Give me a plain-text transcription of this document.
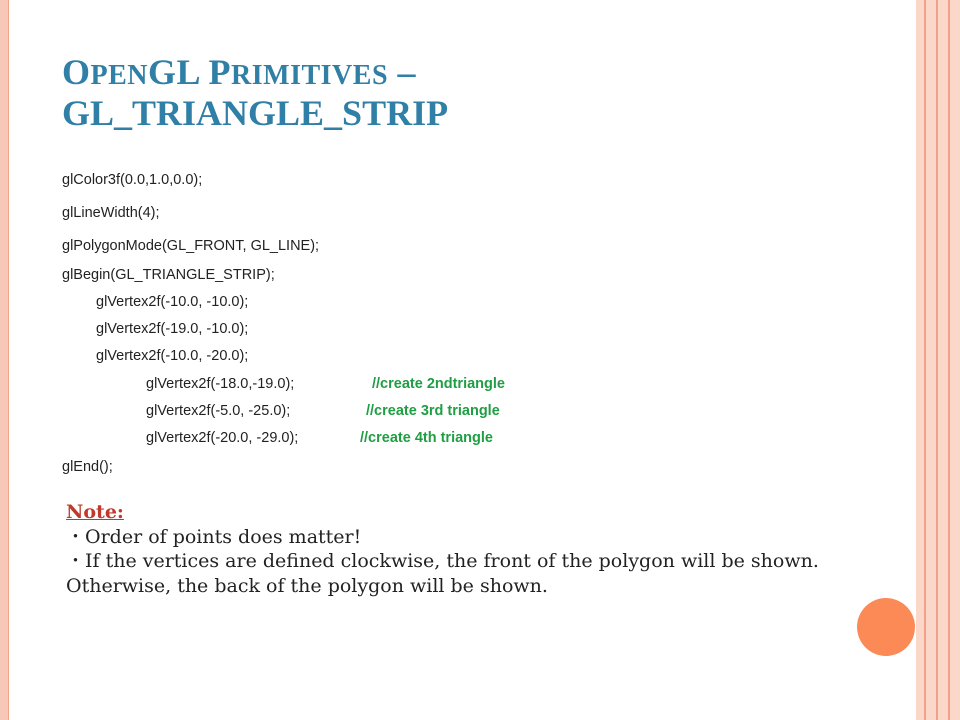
OPENGL PRIMITIVES –
GL_TRIANGLE_STRIP
glColor3f(0.0,1.0,0.0);
glLineWidth(4);
glPolygonMode(GL_FRONT, GL_LINE);
glBegin(GL_TRIANGLE_STRIP);
glVertex2f(-10.0, -10.0);
glVertex2f(-19.0, -10.0);
glVertex2f(-10.0, -20.0);
glVertex2f(-18.0,-19.0);	//create 2ndtriangle
glVertex2f(-5.0, -25.0);	//create 3rd triangle
glVertex2f(-20.0, -29.0);	//create 4th triangle
glEnd();
Note:
・Order of points does matter!
・If the vertices are defined clockwise, the front of the polygon will be shown. Otherwise, the back of the polygon will be shown.
